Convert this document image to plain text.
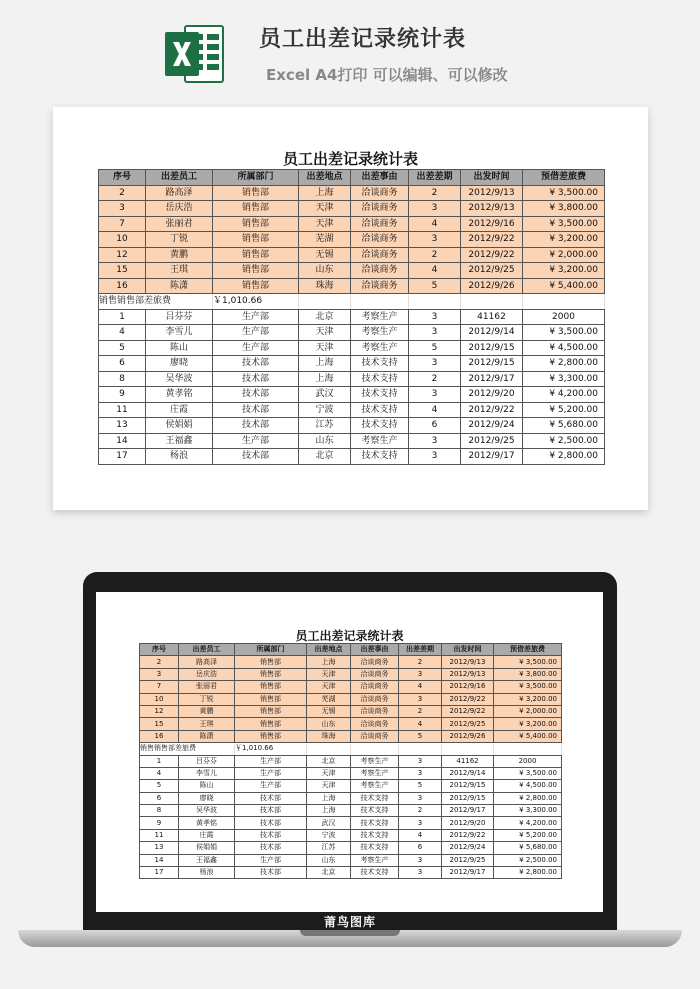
员工出差记录统计表
Excel A4打印 可以编辑、可以修改
员工出差记录统计表
序号	出差员工	所属部门	出差地点	出差事由	出差差期	出发时间	预借差旅费
2	路高泽	销售部	上海	洽谈商务	2	2012/9/13	¥ 3,500.00
3	岳庆浩	销售部	天津	洽谈商务	3	2012/9/13	¥ 3,800.00
7	张丽君	销售部	天津	洽谈商务	4	2012/9/16	¥ 3,500.00
10	丁锐	销售部	芜湖	洽谈商务	3	2012/9/22	¥ 3,200.00
12	黄鹏	销售部	无锡	洽谈商务	2	2012/9/22	¥ 2,000.00
15	王琪	销售部	山东	洽谈商务	4	2012/9/25	¥ 3,200.00
16	陈潇	销售部	珠海	洽谈商务	5	2012/9/26	¥ 5,400.00
销售销售部差旅费		￥1,010.66					
1	吕芬芬	生产部	北京	考察生产	3	41162	2000
4	李雪儿	生产部	天津	考察生产	3	2012/9/14	¥ 3,500.00
5	陈山	生产部	天津	考察生产	5	2012/9/15	¥ 4,500.00
6	廖晓	技术部	上海	技术支持	3	2012/9/15	¥ 2,800.00
8	吴华波	技术部	上海	技术支持	2	2012/9/17	¥ 3,300.00
9	黄孝铭	技术部	武汉	技术支持	3	2012/9/20	¥ 4,200.00
11	庄霞	技术部	宁波	技术支持	4	2012/9/22	¥ 5,200.00
13	侯娟娟	技术部	江苏	技术支持	6	2012/9/24	¥ 5,680.00
14	王福鑫	生产部	山东	考察生产	3	2012/9/25	¥ 2,500.00
17	杨浪	技术部	北京	技术支持	3	2012/9/17	¥ 2,800.00
员工出差记录统计表
序号	出差员工	所属部门	出差地点	出差事由	出差差期	出发时间	预借差旅费
2	路高泽	销售部	上海	洽谈商务	2	2012/9/13	¥ 3,500.00
3	岳庆浩	销售部	天津	洽谈商务	3	2012/9/13	¥ 3,800.00
7	张丽君	销售部	天津	洽谈商务	4	2012/9/16	¥ 3,500.00
10	丁锐	销售部	芜湖	洽谈商务	3	2012/9/22	¥ 3,200.00
12	黄鹏	销售部	无锡	洽谈商务	2	2012/9/22	¥ 2,000.00
15	王琪	销售部	山东	洽谈商务	4	2012/9/25	¥ 3,200.00
16	陈潇	销售部	珠海	洽谈商务	5	2012/9/26	¥ 5,400.00
销售销售部差旅费		￥1,010.66					
1	吕芬芬	生产部	北京	考察生产	3	41162	2000
4	李雪儿	生产部	天津	考察生产	3	2012/9/14	¥ 3,500.00
5	陈山	生产部	天津	考察生产	5	2012/9/15	¥ 4,500.00
6	廖晓	技术部	上海	技术支持	3	2012/9/15	¥ 2,800.00
8	吴华波	技术部	上海	技术支持	2	2012/9/17	¥ 3,300.00
9	黄孝铭	技术部	武汉	技术支持	3	2012/9/20	¥ 4,200.00
11	庄霞	技术部	宁波	技术支持	4	2012/9/22	¥ 5,200.00
13	侯娟娟	技术部	江苏	技术支持	6	2012/9/24	¥ 5,680.00
14	王福鑫	生产部	山东	考察生产	3	2012/9/25	¥ 2,500.00
17	杨浪	技术部	北京	技术支持	3	2012/9/17	¥ 2,800.00
莆鸟图库
